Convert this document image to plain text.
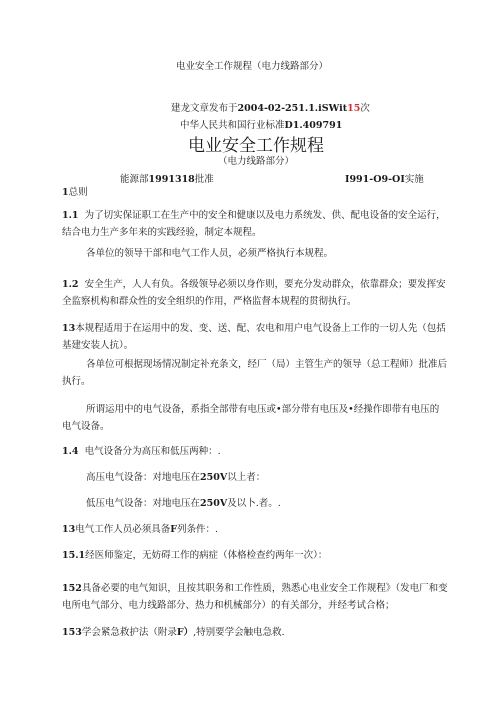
电业安全工作规程（电力线路部分）
建龙文章发布于2004-02-251.1.iSWit15次
中华人民共和国行业标准D1.409791
电业安全工作规程
（电力线路部分）
能源部1991318批准	I991-O9-OI实施
1总则
1.1 为了切实保证职工在生产中的安全和健康以及电力系统发、供、配电设备的安全运行，结合电力生产多年来的实践经验，制定本规程。
各单位的领导干部和电气工作人员，必须严格执行本规程。
1.2 安全生产，人人有负。各级领导必须以身作则，要充分发动群众，依靠群众；要发挥安全监察机构和群众性的安全组织的作用，严格监督本规程的贯彻执行。
13本规程适用于在运用中的发、变、送、配、农电和用户电气设备上工作的一切人先（包括基建安装人抗）。
各单位可根据现场情况制定补充条文，经厂（局）主管生产的领导（总工程师）批准后执行。
所谓运用中的电气设备，系指全部带有电压或•部分带有电压及•经操作即带有电压的电气设备。
1.4 电气设备分为高压和低压两种：.
高压电气设备：对地电压在250V以上者：
低压电气设备：对地电压在250V及以卜.者。.
13电气工作人员必须具备F列条件：.
15.1经医师鉴定，无妨碍工作的病症（体格检查约两年一次）：
152具备必要的电气知识，且按其职务和工作性质，熟悉心电业安全工作规程》（发电厂和变电所电气部分、电力线路部分、热力和机械部分）的有关部分，并经考试合格；
153学会紧急救护法（附录F）,特别要学会触电急救.
